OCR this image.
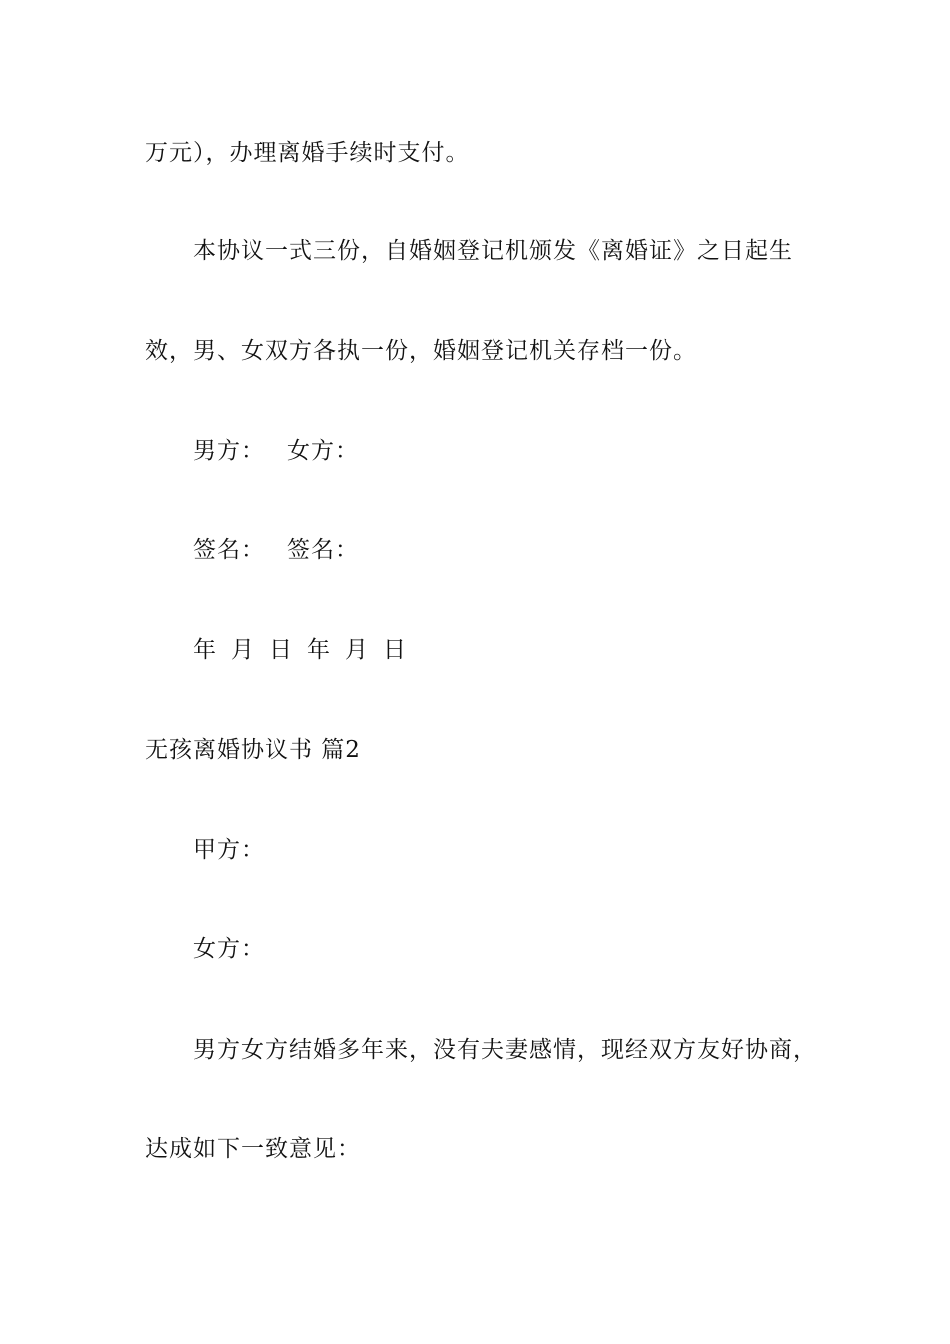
万元），办理离婚手续时支付。
本协议一式三份，自婚姻登记机颁发《离婚证》之日起生
效，男、女双方各执一份，婚姻登记机关存档一份。
男方： 女方：
签名： 签名：
年 月 日 年 月 日
无孩离婚协议书 篇2
甲方：
女方：
男方女方结婚多年来，没有夫妻感情，现经双方友好协商，
达成如下一致意见：
